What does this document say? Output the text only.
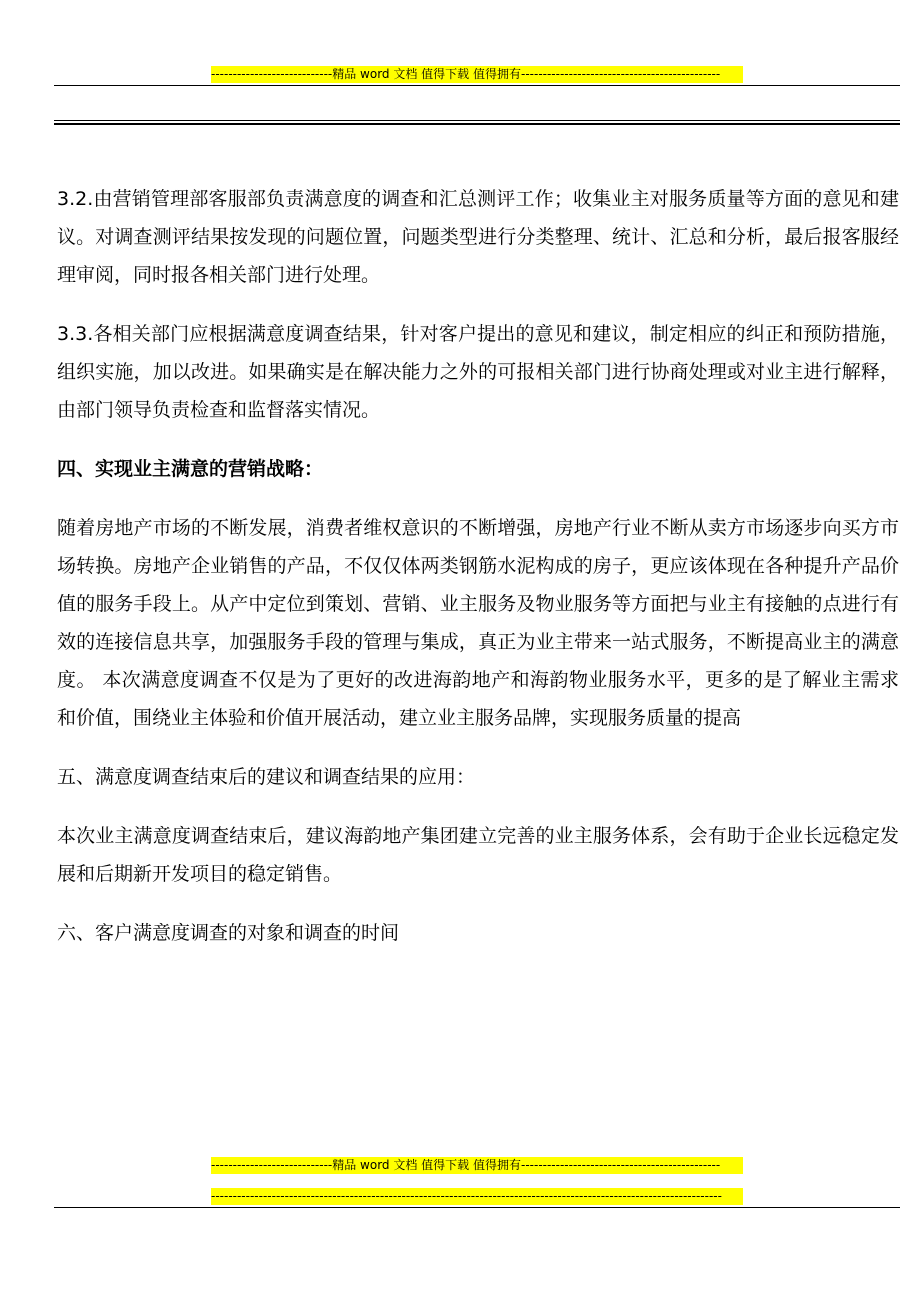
----------------------------精品 word 文档 值得下载 值得拥有----------------------------------------------

3.2.由营销管理部客服部负责满意度的调查和汇总测评工作；收集业主对服务质量等方面的意见和建议。对调查测评结果按发现的问题位置，问题类型进行分类整理、统计、汇总和分析，最后报客服经理审阅，同时报各相关部门进行处理。

3.3.各相关部门应根据满意度调查结果，针对客户提出的意见和建议，制定相应的纠正和预防措施，组织实施，加以改进。如果确实是在解决能力之外的可报相关部门进行协商处理或对业主进行解释，由部门领导负责检查和监督落实情况。

四、实现业主满意的营销战略：

随着房地产市场的不断发展，消费者维权意识的不断增强，房地产行业不断从卖方市场逐步向买方市场转换。房地产企业销售的产品，不仅仅体两类钢筋水泥构成的房子，更应该体现在各种提升产品价值的服务手段上。从产中定位到策划、营销、业主服务及物业服务等方面把与业主有接触的点进行有效的连接信息共享，加强服务手段的管理与集成，真正为业主带来一站式服务，不断提高业主的满意度。 本次满意度调查不仅是为了更好的改进海韵地产和海韵物业服务水平，更多的是了解业主需求和价值，围绕业主体验和价值开展活动，建立业主服务品牌，实现服务质量的提高

五、满意度调查结束后的建议和调查结果的应用：

本次业主满意度调查结束后，建议海韵地产集团建立完善的业主服务体系，会有助于企业长远稳定发展和后期新开发项目的稳定销售。

六、客户满意度调查的对象和调查的时间

----------------------------精品 word 文档 值得下载 值得拥有----------------------------------------------
----------------------------------------------------------------------------------------------------------------------
